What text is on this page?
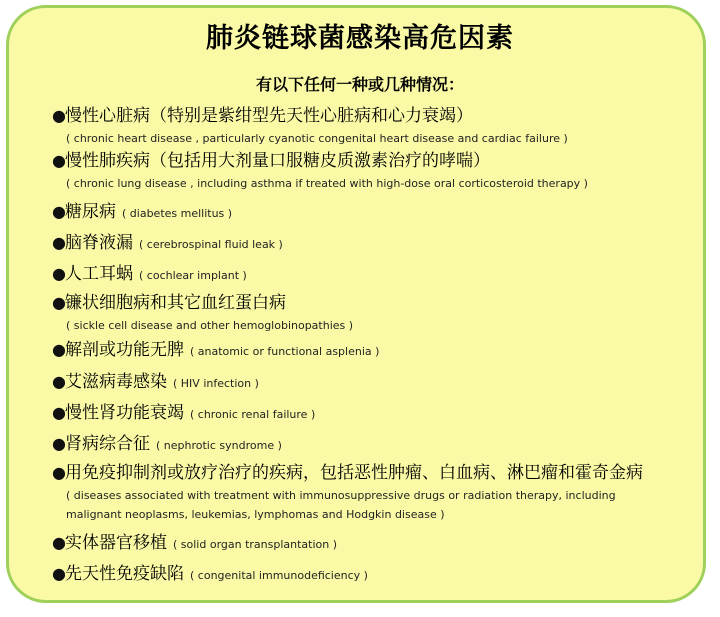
肺炎链球菌感染高危因素
有以下任何一种或几种情况：
● 慢性心脏病（特别是紫绀型先天性心脏病和心力衰竭）
( chronic heart disease , particularly cyanotic congenital heart disease and cardiac failure )
● 慢性肺疾病（包括用大剂量口服糖皮质激素治疗的哮喘）
( chronic lung disease , including asthma if treated with high-dose oral corticosteroid therapy )
● 糖尿病 ( diabetes mellitus )
● 脑脊液漏 ( cerebrospinal fluid leak )
● 人工耳蜗 ( cochlear implant )
● 镰状细胞病和其它血红蛋白病
( sickle cell disease and other hemoglobinopathies )
● 解剖或功能无脾 ( anatomic or functional asplenia )
● 艾滋病毒感染 ( HIV infection )
● 慢性肾功能衰竭 ( chronic renal failure )
● 肾病综合征 ( nephrotic syndrome )
● 用免疫抑制剂或放疗治疗的疾病，包括恶性肿瘤、白血病、淋巴瘤和霍奇金病
( diseases associated with treatment with immunosuppressive drugs or radiation therapy, including malignant neoplasms, leukemias, lymphomas and Hodgkin disease )
● 实体器官移植 ( solid organ transplantation )
● 先天性免疫缺陷 ( congenital immunodeficiency )
